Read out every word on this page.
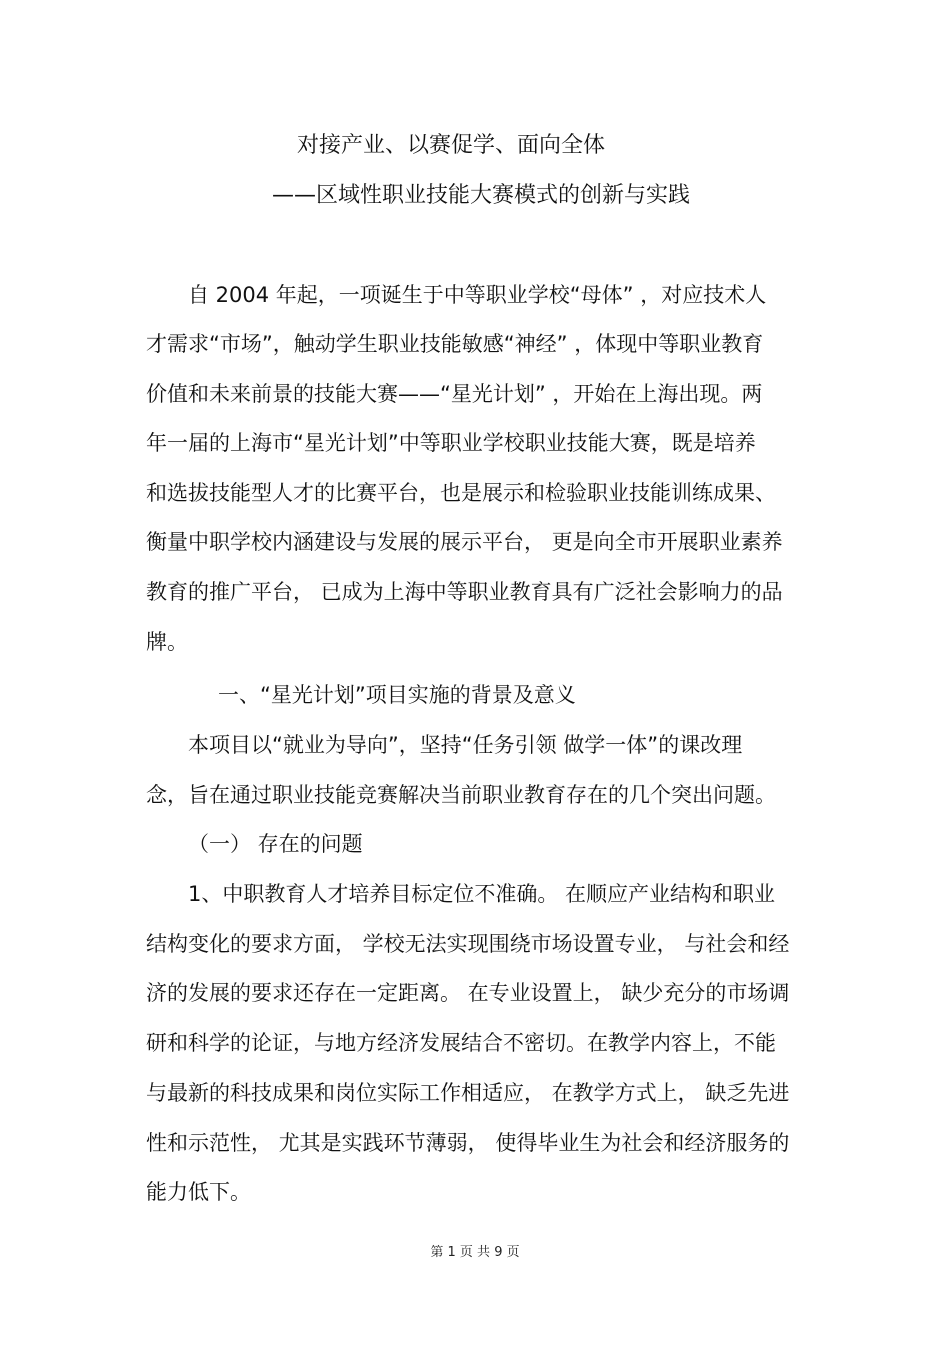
对接产业、以赛促学、面向全体
——区域性职业技能大赛模式的创新与实践
自 2004 年起，一项诞生于中等职业学校“母体” ，对应技术人
才需求“市场”，触动学生职业技能敏感“神经” ，体现中等职业教育
价值和未来前景的技能大赛——“星光计划” ，开始在上海出现。两
年一届的上海市“星光计划”中等职业学校职业技能大赛，既是培养
和选拔技能型人才的比赛平台，也是展示和检验职业技能训练成果、
衡量中职学校内涵建设与发展的展示平台， 更是向全市开展职业素养
教育的推广平台， 已成为上海中等职业教育具有广泛社会影响力的品
牌。
一、“星光计划”项目实施的背景及意义
本项目以“就业为导向”，坚持“任务引领 做学一体”的课改理
念，旨在通过职业技能竞赛解决当前职业教育存在的几个突出问题。
（一） 存在的问题
1、中职教育人才培养目标定位不准确。 在顺应产业结构和职业
结构变化的要求方面， 学校无法实现围绕市场设置专业， 与社会和经
济的发展的要求还存在一定距离。 在专业设置上， 缺少充分的市场调
研和科学的论证，与地方经济发展结合不密切。在教学内容上，不能
与最新的科技成果和岗位实际工作相适应， 在教学方式上， 缺乏先进
性和示范性， 尤其是实践环节薄弱， 使得毕业生为社会和经济服务的
能力低下。
第 1 页 共 9 页
